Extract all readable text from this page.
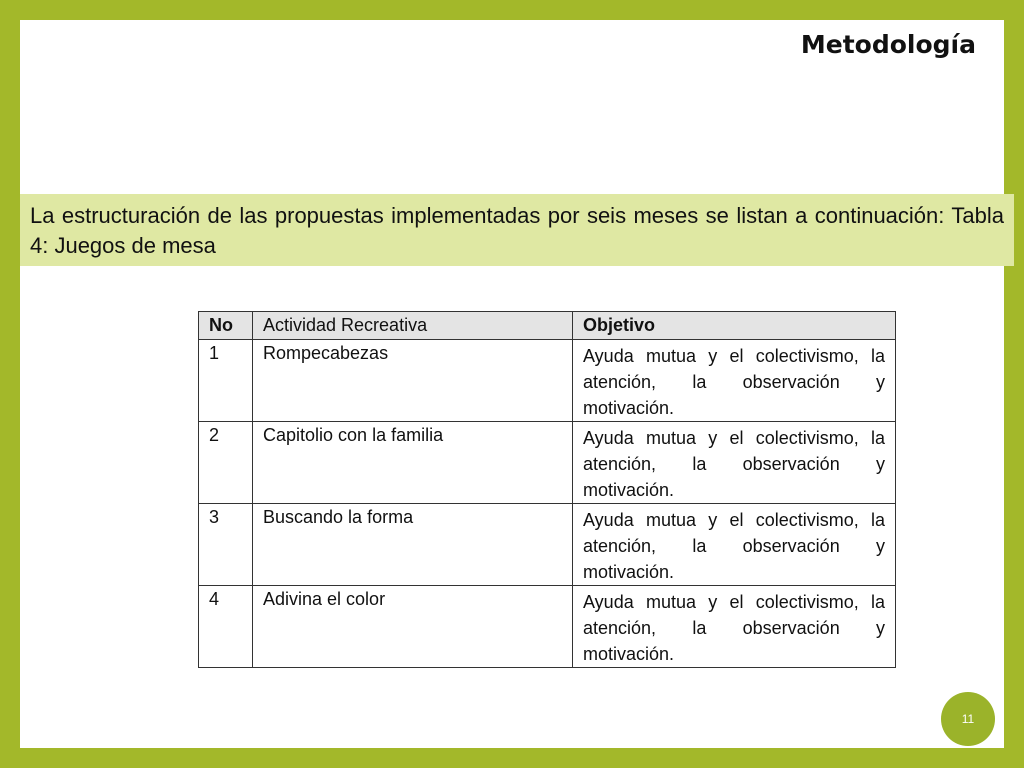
Metodología
La estructuración de las propuestas implementadas por seis meses se listan a continuación: Tabla 4: Juegos de mesa
No	Actividad Recreativa	Objetivo
1	Rompecabezas	Ayuda mutua y el colectivismo, la atención, la observación y motivación.
2	Capitolio con la familia	Ayuda mutua y el colectivismo, la atención, la observación y motivación.
3	Buscando la forma	Ayuda mutua y el colectivismo, la atención, la observación y motivación.
4	Adivina el color	Ayuda mutua y el colectivismo, la atención, la observación y motivación.
11
